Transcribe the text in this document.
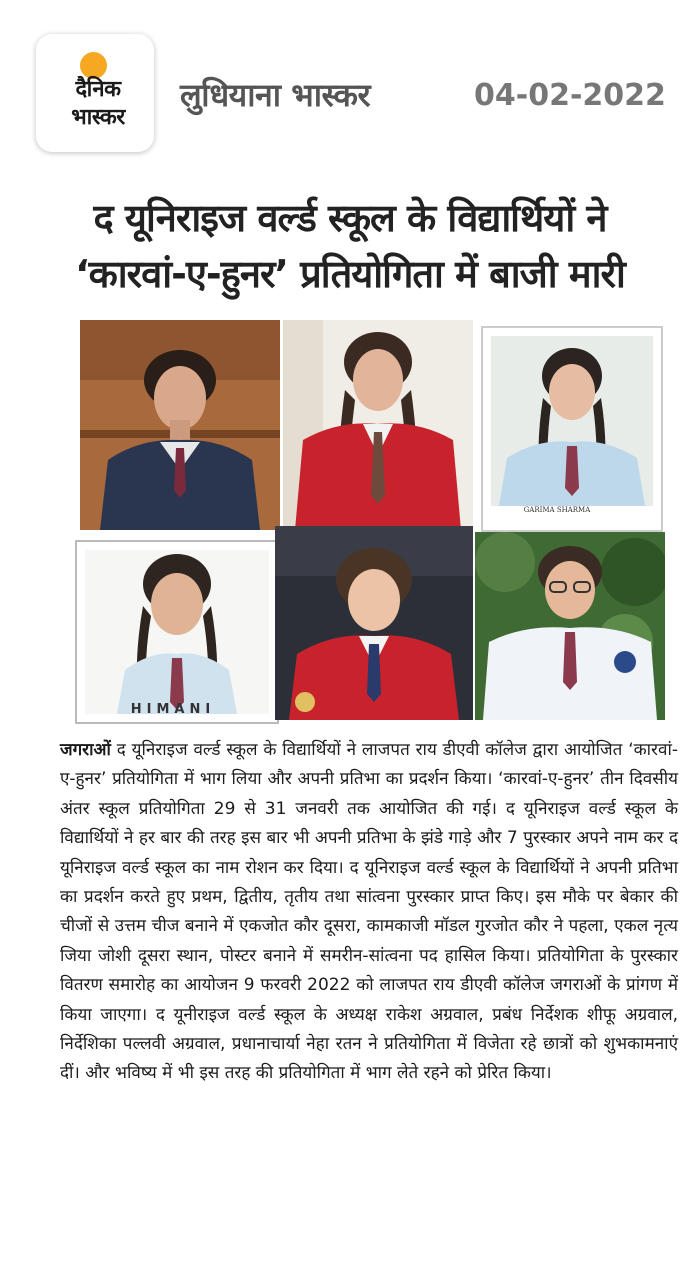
दैनिक
भास्कर
लुधियाना भास्कर	04-02-2022
द यूनिराइज वर्ल्ड स्कूल के विद्यार्थियों ने
‘कारवां-ए-हुनर’ प्रतियोगिता में बाजी मारी
GARIMA SHARMA
HIMANI
जगराओं द यूनिराइज वर्ल्ड स्कूल के विद्यार्थियों ने लाजपत राय डीएवी कॉलेज द्वारा आयोजित ‘कारवां-ए-हुनर’ प्रतियोगिता में भाग लिया और अपनी प्रतिभा का प्रदर्शन किया। ‘कारवां-ए-हुनर’ तीन दिवसीय अंतर स्कूल प्रतियोगिता 29 से 31 जनवरी तक आयोजित की गई। द यूनिराइज वर्ल्ड स्कूल के विद्यार्थियों ने हर बार की तरह इस बार भी अपनी प्रतिभा के झंडे गाड़े और 7 पुरस्कार अपने नाम कर द यूनिराइज वर्ल्ड स्कूल का नाम रोशन कर दिया। द यूनिराइज वर्ल्ड स्कूल के विद्यार्थियों ने अपनी प्रतिभा का प्रदर्शन करते हुए प्रथम, द्वितीय, तृतीय तथा सांत्वना पुरस्कार प्राप्त किए। इस मौके पर बेकार की चीजों से उत्तम चीज बनाने में एकजोत कौर दूसरा, कामकाजी मॉडल गुरजोत कौर ने पहला, एकल नृत्य जिया जोशी दूसरा स्थान, पोस्टर बनाने में समरीन-सांत्वना पद हासिल किया। प्रतियोगिता के पुरस्कार वितरण समारोह का आयोजन 9 फरवरी 2022 को लाजपत राय डीएवी कॉलेज जगराओं के प्रांगण में किया जाएगा। द यूनीराइज वर्ल्ड स्कूल के अध्यक्ष राकेश अग्रवाल, प्रबंध निर्देशक शीफू अग्रवाल, निर्देशिका पल्लवी अग्रवाल, प्रधानाचार्या नेहा रतन ने प्रतियोगिता में विजेता रहे छात्रों को शुभकामनाएं दीं। और भविष्य में भी इस तरह की प्रतियोगिता में भाग लेते रहने को प्रेरित किया।
